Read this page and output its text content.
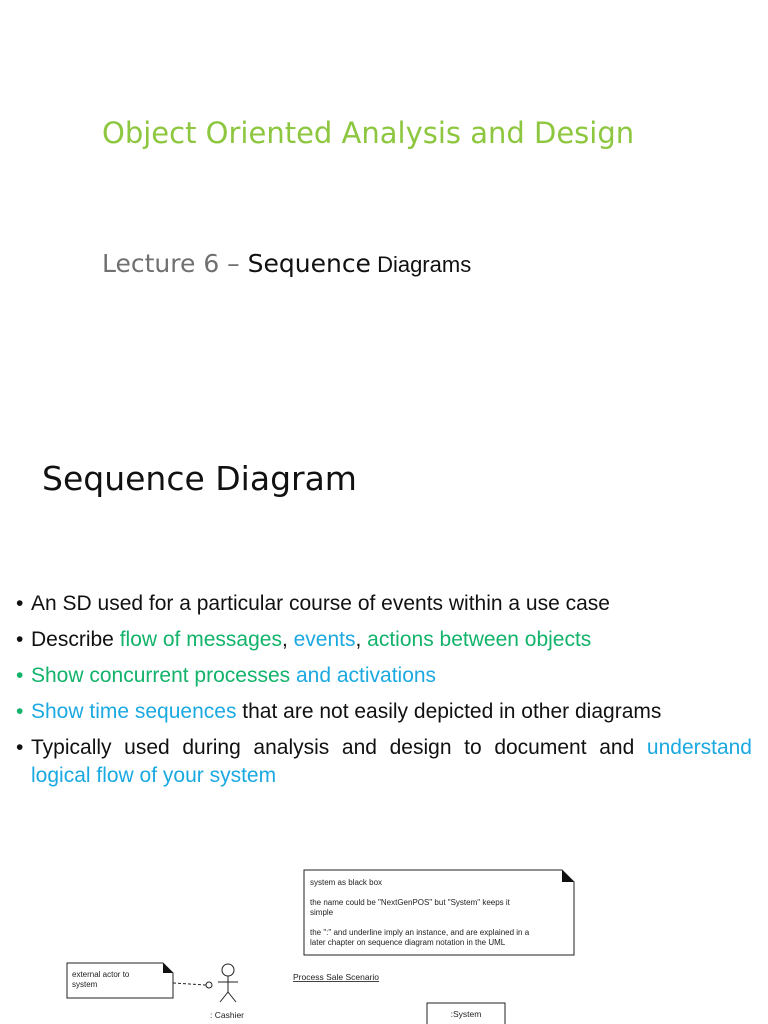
Object Oriented Analysis and Design
Lecture 6 – Sequence Diagrams
Sequence Diagram
• An SD used for a particular course of events within a use case
• Describe flow of messages, events, actions between objects
• Show concurrent processes and activations
• Show time sequences that are not easily depicted in other diagrams
• Typically used during analysis and design to document and understand logical flow of your system
system as black box the name could be "NextGenPOS" but "System" keeps it simple the ":" and underline imply an instance, and are explained in a later chapter on sequence diagram notation in the UML
external actor to system
: Cashier
Process Sale Scenario
:System
